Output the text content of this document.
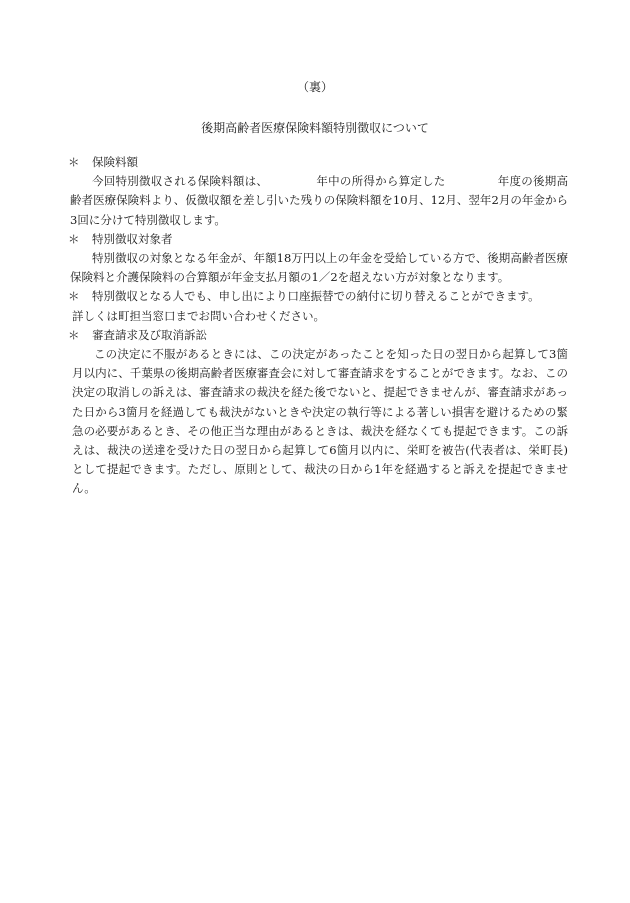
（裏）
後期高齢者医療保険料額特別徴収について
＊	保険料額
今回特別徴収される保険料額は、	年中の所得から算定した	年度の後期高齢者医療保険料より、仮徴収額を差し引いた残りの保険料額を10月、12月、翌年2月の年金から3回に分けて特別徴収します。
＊	特別徴収対象者
特別徴収の対象となる年金が、年額18万円以上の年金を受給している方で、後期高齢者医療保険料と介護保険料の合算額が年金支払月額の1／2を超えない方が対象となります。
＊	特別徴収となる人でも、申し出により口座振替での納付に切り替えることができます。
詳しくは町担当窓口までお問い合わせください。
＊	審査請求及び取消訴訟
この決定に不服があるときには、この決定があったことを知った日の翌日から起算して3箇月以内に、千葉県の後期高齢者医療審査会に対して審査請求をすることができます。なお、この決定の取消しの訴えは、審査請求の裁決を経た後でないと、提起できませんが、審査請求があった日から3箇月を経過しても裁決がないときや決定の執行等による著しい損害を避けるための緊急の必要があるとき、その他正当な理由があるときは、裁決を経なくても提起できます。この訴えは、裁決の送達を受けた日の翌日から起算して6箇月以内に、栄町を被告(代表者は、栄町長)として提起できます。ただし、原則として、裁決の日から1年を経過すると訴えを提起できません。
